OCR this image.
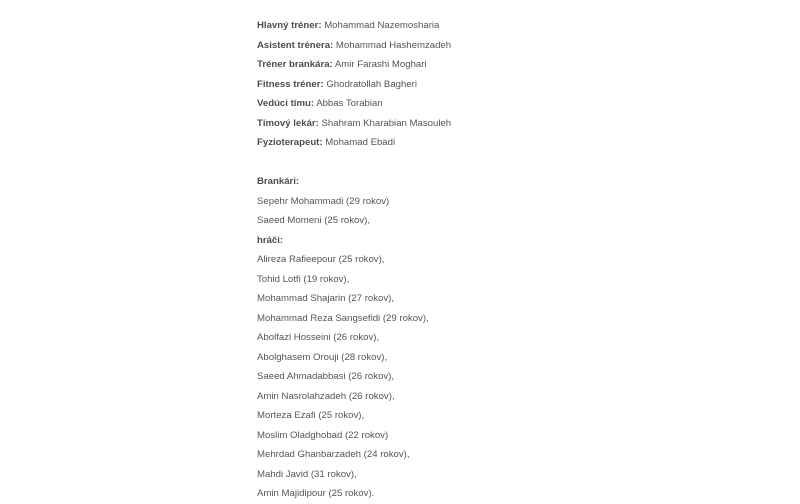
Hlavný tréner: Mohammad Nazemosharia
Asistent trénera: Mohammad Hashemzadeh
Tréner brankára: Amir Farashi Moghari
Fitness tréner: Ghodratollah Bagheri
Vedúci tímu: Abbas Torabian
Tímový lekár: Shahram Kharabian Masouleh
Fyzioterapeut: Mohamad Ebadi
Brankári:
Sepehr Mohammadi (29 rokov)
Saeed Momeni (25 rokov),
hráči:
Alireza Rafieepour (25 rokov),
Tohid Lotfi (19 rokov),
Mohammad Shajarin (27 rokov),
Mohammad Reza Sangsefidi (29 rokov),
Abolfazl Hosseini (26 rokov),
Abolghasem Orouji (28 rokov),
Saeed Ahmadabbasi (26 rokov),
Amin Nasrolahzadeh (26 rokov),
Morteza Ezafi (25 rokov),
Moslim Oladghobad (22 rokov)
Mehrdad Ghanbarzadeh (24 rokov),
Mahdi Javid (31 rokov),
Amin Majidipour (25 rokov).
